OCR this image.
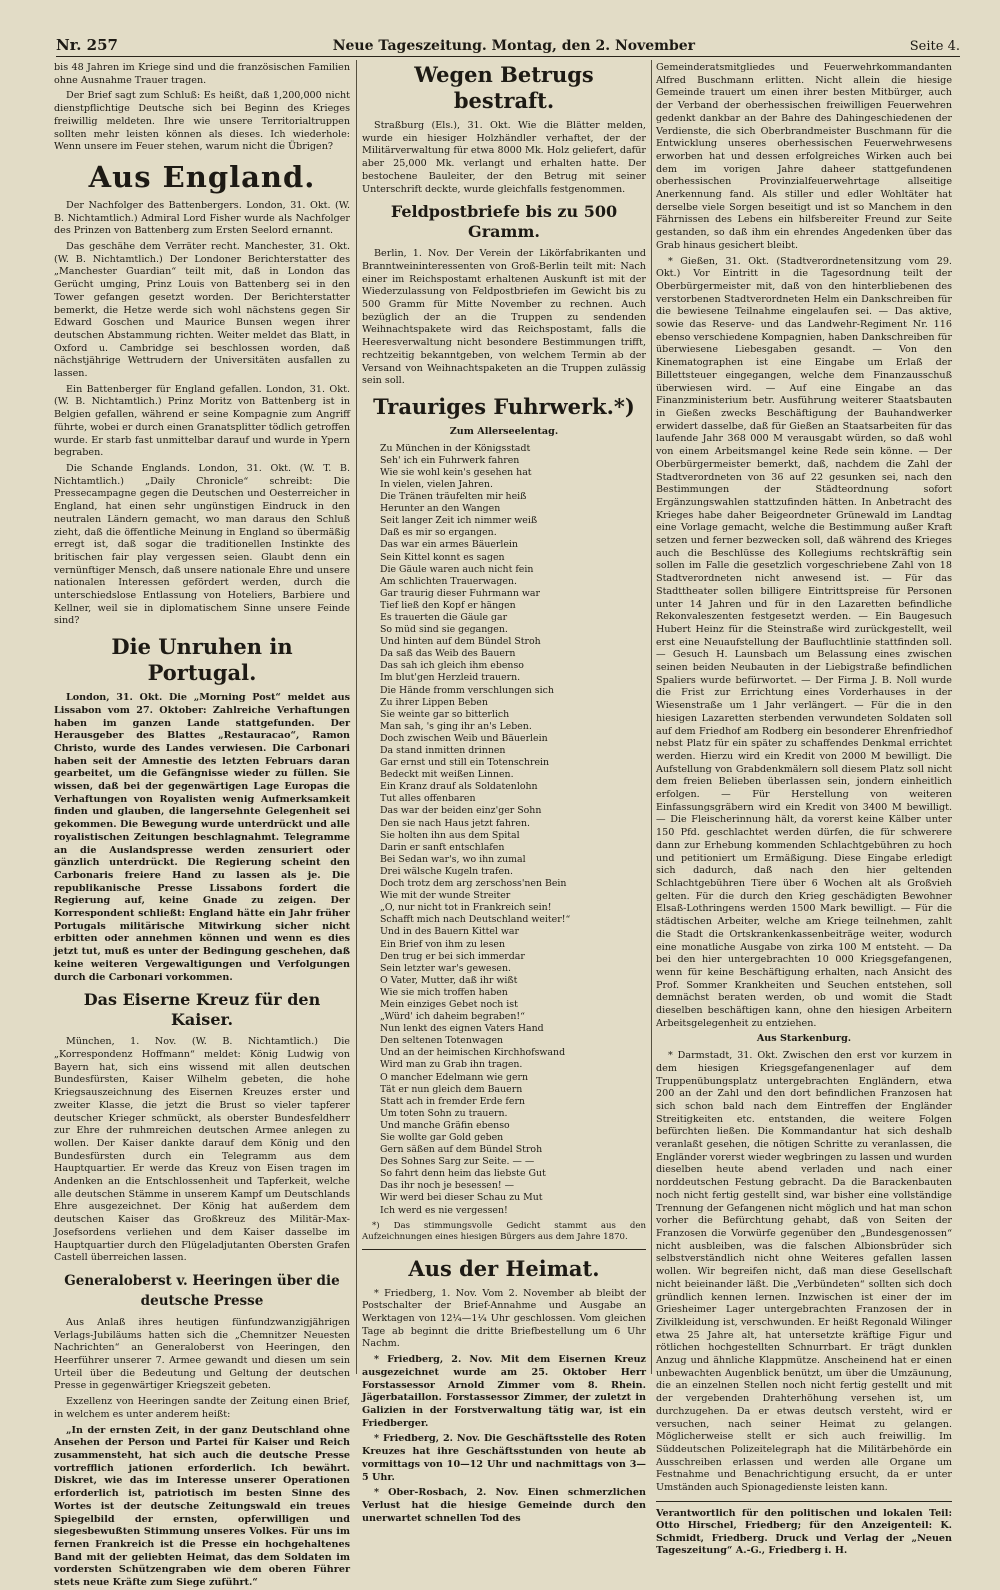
Nr. 257	Neue Tageszeitung. Montag, den 2. November	Seite 4.

bis 48 Jahren im Kriege sind und die französischen Familien ohne Ausnahme Trauer tragen.

Der Brief sagt zum Schluß: Es heißt, daß 1,200,000 nicht dienstpflichtige Deutsche sich bei Beginn des Krieges freiwillig meldeten. Ihre wie unsere Territorialtruppen sollten mehr leisten können als dieses. Ich wiederhole: Wenn unsere im Feuer stehen, warum nicht die Übrigen?

Aus England.

Der Nachfolger des Battenbergers. London, 31. Okt. (W. B. Nichtamtlich.) Admiral Lord Fisher wurde als Nachfolger des Prinzen von Battenberg zum Ersten Seelord ernannt.

Das geschähe dem Verräter recht. Manchester, 31. Okt. (W. B. Nichtamtlich.) Der Londoner Berichterstatter des „Manchester Guardian“ teilt mit, daß in London das Gerücht umging, Prinz Louis von Battenberg sei in den Tower gefangen gesetzt worden. Der Berichterstatter bemerkt, die Hetze werde sich wohl nächstens gegen Sir Edward Goschen und Maurice Bunsen wegen ihrer deutschen Abstammung richten. Weiter meldet das Blatt, in Oxford u. Cambridge sei beschlossen worden, daß nächstjährige Wettrudern der Universitäten ausfallen zu lassen.

Ein Battenberger für England gefallen. London, 31. Okt. (W. B. Nichtamtlich.) Prinz Moritz von Battenberg ist in Belgien gefallen, während er seine Kompagnie zum Angriff führte, wobei er durch einen Granatsplitter tödlich getroffen wurde. Er starb fast unmittelbar darauf und wurde in Ypern begraben.

Die Schande Englands. London, 31. Okt. (W. T. B. Nichtamtlich.) „Daily Chronicle“ schreibt: Die Pressecampagne gegen die Deutschen und Oesterreicher in England, hat einen sehr ungünstigen Eindruck in den neutralen Ländern gemacht, wo man daraus den Schluß zieht, daß die öffentliche Meinung in England so übermäßig erregt ist, daß sogar die traditionellen Instinkte des britischen fair play vergessen seien. Glaubt denn ein vernünftiger Mensch, daß unsere nationale Ehre und unsere nationalen Interessen gefördert werden, durch die unterschiedslose Entlassung von Hoteliers, Barbiere und Kellner, weil sie in diplomatischem Sinne unsere Feinde sind?

Die Unruhen in Portugal.

London, 31. Okt. Die „Morning Post“ meldet aus Lissabon vom 27. Oktober: Zahlreiche Verhaftungen haben im ganzen Lande stattgefunden. Der Herausgeber des Blattes „Restauracao“, Ramon Christo, wurde des Landes verwiesen. Die Carbonari haben seit der Amnestie des letzten Februars daran gearbeitet, um die Gefängnisse wieder zu füllen. Sie wissen, daß bei der gegenwärtigen Lage Europas die Verhaftungen von Royalisten wenig Aufmerksamkeit finden und glauben, die langersehnte Gelegenheit sei gekommen. Die Bewegung wurde unterdrückt und alle royalistischen Zeitungen beschlagnahmt. Telegramme an die Auslandspresse werden zensuriert oder gänzlich unterdrückt. Die Regierung scheint den Carbonaris freiere Hand zu lassen als je. Die republikanische Presse Lissabons fordert die Regierung auf, keine Gnade zu zeigen. Der Korrespondent schließt: England hätte ein Jahr früher Portugals militärische Mitwirkung sicher nicht erbitten oder annehmen können und wenn es dies jetzt tut, muß es unter der Bedingung geschehen, daß keine weiteren Vergewaltigungen und Verfolgungen durch die Carbonari vorkommen.

Das Eiserne Kreuz für den Kaiser.

München, 1. Nov. (W. B. Nichtamtlich.) Die „Korrespondenz Hoffmann“ meldet: König Ludwig von Bayern hat, sich eins wissend mit allen deutschen Bundesfürsten, Kaiser Wilhelm gebeten, die hohe Kriegsauszeichnung des Eisernen Kreuzes erster und zweiter Klasse, die jetzt die Brust so vieler tapferer deutscher Krieger schmückt, als oberster Bundesfeldherr zur Ehre der ruhmreichen deutschen Armee anlegen zu wollen. Der Kaiser dankte darauf dem König und den Bundesfürsten durch ein Telegramm aus dem Hauptquartier. Er werde das Kreuz von Eisen tragen im Andenken an die Entschlossenheit und Tapferkeit, welche alle deutschen Stämme in unserem Kampf um Deutschlands Ehre ausgezeichnet. Der König hat außerdem dem deutschen Kaiser das Großkreuz des Militär-Max-Josefsordens verliehen und dem Kaiser dasselbe im Hauptquartier durch den Flügeladjutanten Obersten Grafen Castell überreichen lassen.

Generaloberst v. Heeringen über die deutsche Presse

Aus Anlaß ihres heutigen fünfundzwanzigjährigen Verlags-Jubiläums hatten sich die „Chemnitzer Neuesten Nachrichten“ an Generaloberst von Heeringen, den Heerführer unserer 7. Armee gewandt und diesen um sein Urteil über die Bedeutung und Geltung der deutschen Presse in gegenwärtiger Kriegszeit gebeten.

Exzellenz von Heeringen sandte der Zeitung einen Brief, in welchem es unter anderem heißt:

„In der ernsten Zeit, in der ganz Deutschland ohne Ansehen der Person und Partei für Kaiser und Reich zusammensteht, hat sich auch die deutsche Presse vortrefflich jationen erforderlich. Ich bewährt. Diskret, wie das im Interesse unserer Operationen erforderlich ist, patriotisch im besten Sinne des Wortes ist der deutsche Zeitungswald ein treues Spiegelbild der ernsten, opferwilligen und siegesbewußten Stimmung unseres Volkes. Für uns im fernen Frankreich ist die Presse ein hochgehaltenes Band mit der geliebten Heimat, das dem Soldaten im vordersten Schützengraben wie dem oberen Führer stets neue Kräfte zum Siege zuführt.“

Wegen Betrugs bestraft.

Straßburg (Els.), 31. Okt. Wie die Blätter melden, wurde ein hiesiger Holzhändler verhaftet, der der Militärverwaltung für etwa 8000 Mk. Holz geliefert, dafür aber 25,000 Mk. verlangt und erhalten hatte. Der bestochene Bauleiter, der den Betrug mit seiner Unterschrift deckte, wurde gleichfalls festgenommen.

Feldpostbriefe bis zu 500 Gramm.

Berlin, 1. Nov. Der Verein der Likörfabrikanten und Branntweininteressenten von Groß-Berlin teilt mit: Nach einer im Reichspostamt erhaltenen Auskunft ist mit der Wiederzulassung von Feldpostbriefen im Gewicht bis zu 500 Gramm für Mitte November zu rechnen. Auch bezüglich der an die Truppen zu sendenden Weihnachtspakete wird das Reichspostamt, falls die Heeresverwaltung nicht besondere Bestimmungen trifft, rechtzeitig bekanntgeben, von welchem Termin ab der Versand von Weihnachtspaketen an die Truppen zulässig sein soll.

Trauriges Fuhrwerk.*)
Zum Allerseelentag.
Zu München in der Königsstadt
Seh' ich ein Fuhrwerk fahren
Wie sie wohl kein's gesehen hat
In vielen, vielen Jahren.
Die Tränen träufelten mir heiß
Herunter an den Wangen
Seit langer Zeit ich nimmer weiß
Daß es mir so ergangen.
Das war ein armes Bäuerlein
Sein Kittel konnt es sagen
Die Gäule waren auch nicht fein
Am schlichten Trauerwagen.
Gar traurig dieser Fuhrmann war
Tief ließ den Kopf er hängen
Es trauerten die Gäule gar
So müd sind sie gegangen.
Und hinten auf dem Bündel Stroh
Da saß das Weib des Bauern
Das sah ich gleich ihm ebenso
Im blut'gen Herzleid trauern.
Die Hände fromm verschlungen sich
Zu ihrer Lippen Beben
Sie weinte gar so bitterlich
Man sah, 's ging ihr an's Leben.
Doch zwischen Weib und Bäuerlein
Da stand inmitten drinnen
Gar ernst und still ein Totenschrein
Bedeckt mit weißen Linnen.
Ein Kranz drauf als Soldatenlohn
Tut alles offenbaren
Das war der beiden einz'ger Sohn
Den sie nach Haus jetzt fahren.
Sie holten ihn aus dem Spital
Darin er sanft entschlafen
Bei Sedan war's, wo ihn zumal
Drei wälsche Kugeln trafen.
Doch trotz dem arg zerschoss'nen Bein
Wie mit der wunde Streiter
„O, nur nicht tot in Frankreich sein!
Schafft mich nach Deutschland weiter!“
Und in des Bauern Kittel war
Ein Brief von ihm zu lesen
Den trug er bei sich immerdar
Sein letzter war's gewesen.
O Vater, Mutter, daß ihr wißt
Wie sie mich troffen haben
Mein einziges Gebet noch ist
„Würd' ich daheim begraben!“
Nun lenkt des eignen Vaters Hand
Den seltenen Totenwagen
Und an der heimischen Kirchhofswand
Wird man zu Grab ihn tragen.
O mancher Edelmann wie gern
Tät er nun gleich dem Bauern
Statt ach in fremder Erde fern
Um toten Sohn zu trauern.
Und manche Gräfin ebenso
Sie wollte gar Gold geben
Gern säßen auf dem Bündel Stroh
Des Sohnes Sarg zur Seite. — —
So fahrt denn heim das liebste Gut
Das ihr noch je besessen! —
Wir werd bei dieser Schau zu Mut
Ich werd es nie vergessen!
*) Das stimmungsvolle Gedicht stammt aus den Aufzeichnungen eines hiesigen Bürgers aus dem Jahre 1870.
Aus der Heimat.

* Friedberg, 1. Nov. Vom 2. November ab bleibt der Postschalter der Brief-Annahme und Ausgabe an Werktagen von 12¼—1¼ Uhr geschlossen. Vom gleichen Tage ab beginnt die dritte Briefbestellung um 6 Uhr Nachm.

* Friedberg, 2. Nov. Mit dem Eisernen Kreuz ausgezeichnet wurde am 25. Oktober Herr Forstassessor Arnold Zimmer vom 8. Rhein. Jägerbataillon. Forstassessor Zimmer, der zuletzt in Galizien in der Forstverwaltung tätig war, ist ein Friedberger.

* Friedberg, 2. Nov. Die Geschäftsstelle des Roten Kreuzes hat ihre Geschäftsstunden von heute ab vormittags von 10—12 Uhr und nachmittags von 3—5 Uhr.

* Ober-Rosbach, 2. Nov. Einen schmerzlichen Verlust hat die hiesige Gemeinde durch den unerwartet schnellen Tod des

Gemeinderatsmitgliedes und Feuerwehrkommandanten Alfred Buschmann erlitten. Nicht allein die hiesige Gemeinde trauert um einen ihrer besten Mitbürger, auch der Verband der oberhessischen freiwilligen Feuerwehren gedenkt dankbar an der Bahre des Dahingeschiedenen der Verdienste, die sich Oberbrandmeister Buschmann für die Entwicklung unseres oberhessischen Feuerwehrwesens erworben hat und dessen erfolgreiches Wirken auch bei dem im vorigen Jahre daheer stattgefundenen oberhessischen Provinzialfeuerwehrtage allseitige Anerkennung fand. Als stiller und edler Wohltäter hat derselbe viele Sorgen beseitigt und ist so Manchem in den Fährnissen des Lebens ein hilfsbereiter Freund zur Seite gestanden, so daß ihm ein ehrendes Angedenken über das Grab hinaus gesichert bleibt.

* Gießen, 31. Okt. (Stadtverordnetensitzung vom 29. Okt.) Vor Eintritt in die Tagesordnung teilt der Oberbürgermeister mit, daß von den hinterbliebenen des verstorbenen Stadtverordneten Helm ein Dankschreiben für die bewiesene Teilnahme eingelaufen sei. — Das aktive, sowie das Reserve- und das Landwehr-Regiment Nr. 116 ebenso verschiedene Kompagnien, haben Dankschreiben für überwiesene Liebesgaben gesandt. — Von den Kinematographen ist eine Eingabe um Erlaß der Billettsteuer eingegangen, welche dem Finanzausschuß überwiesen wird. — Auf eine Eingabe an das Finanzministerium betr. Ausführung weiterer Staatsbauten in Gießen zwecks Beschäftigung der Bauhandwerker erwidert dasselbe, daß für Gießen an Staatsarbeiten für das laufende Jahr 368 000 M verausgabt würden, so daß wohl von einem Arbeitsmangel keine Rede sein könne. — Der Oberbürgermeister bemerkt, daß, nachdem die Zahl der Stadtverordneten von 36 auf 22 gesunken sei, nach den Bestimmungen der Städteordnung sofort Ergänzungswahlen stattzufinden hätten. In Anbetracht des Krieges habe daher Beigeordneter Grünewald im Landtag eine Vorlage gemacht, welche die Bestimmung außer Kraft setzen und ferner bezwecken soll, daß während des Krieges auch die Beschlüsse des Kollegiums rechtskräftig sein sollen im Falle die gesetzlich vorgeschriebene Zahl von 18 Stadtverordneten nicht anwesend ist. — Für das Stadttheater sollen billigere Eintrittspreise für Personen unter 14 Jahren und für in den Lazaretten befindliche Rekonvaleszenten festgesetzt werden. — Ein Baugesuch Hubert Heinz für die Steinstraße wird zurückgestellt, weil erst eine Neuaufstellung der Baufluchtlinie stattfinden soll. — Gesuch H. Launsbach um Belassung eines zwischen seinen beiden Neubauten in der Liebigstraße befindlichen Spaliers wurde befürwortet. — Der Firma J. B. Noll wurde die Frist zur Errichtung eines Vorderhauses in der Wiesenstraße um 1 Jahr verlängert. — Für die in den hiesigen Lazaretten sterbenden verwundeten Soldaten soll auf dem Friedhof am Rodberg ein besonderer Ehrenfriedhof nebst Platz für ein später zu schaffendes Denkmal errichtet werden. Hierzu wird ein Kredit von 2000 M bewilligt. Die Aufstellung von Grabdenkmälern soll diesem Platz soll nicht dem freien Belieben überlassen sein, jondern einheitlich erfolgen. — Für Herstellung von weiteren Einfassungsgräbern wird ein Kredit von 3400 M bewilligt. — Die Fleischerinnung hält, da vorerst keine Kälber unter 150 Pfd. geschlachtet werden dürfen, die für schwerere dann zur Erhebung kommenden Schlachtgebühren zu hoch und petitioniert um Ermäßigung. Diese Eingabe erledigt sich dadurch, daß nach den hier geltenden Schlachtgebühren Tiere über 6 Wochen alt als Großvieh gelten. Für die durch den Krieg geschädigten Bewohner Elsaß-Lothringens werden 1500 Mark bewilligt. — Für die städtischen Arbeiter, welche am Kriege teilnehmen, zahlt die Stadt die Ortskrankenkassenbeiträge weiter, wodurch eine monatliche Ausgabe von zirka 100 M entsteht. — Da bei den hier untergebrachten 10 000 Kriegsgefangenen, wenn für keine Beschäftigung erhalten, nach Ansicht des Prof. Sommer Krankheiten und Seuchen entstehen, soll demnächst beraten werden, ob und womit die Stadt dieselben beschäftigen kann, ohne den hiesigen Arbeitern Arbeitsgelegenheit zu entziehen.

Aus Starkenburg.

* Darmstadt, 31. Okt. Zwischen den erst vor kurzem in dem hiesigen Kriegsgefangenenlager auf dem Truppenübungsplatz untergebrachten Engländern, etwa 200 an der Zahl und den dort befindlichen Franzosen hat sich schon bald nach dem Eintreffen der Engländer Streitigkeiten etc. entstanden, die weitere Folgen befürchten ließen. Die Kommandantur hat sich deshalb veranlaßt gesehen, die nötigen Schritte zu veranlassen, die Engländer vorerst wieder wegbringen zu lassen und wurden dieselben heute abend verladen und nach einer norddeutschen Festung gebracht. Da die Barackenbauten noch nicht fertig gestellt sind, war bisher eine vollständige Trennung der Gefangenen nicht möglich und hat man schon vorher die Befürchtung gehabt, daß von Seiten der Franzosen die Vorwürfe gegenüber den „Bundesgenossen“ nicht ausbleiben, was die falschen Albionsbrüder sich selbstverständlich nicht ohne Weiteres gefallen lassen wollen. Wir begreifen nicht, daß man diese Gesellschaft nicht beieinander läßt. Die „Verbündeten“ sollten sich doch gründlich kennen lernen. Inzwischen ist einer der im Griesheimer Lager untergebrachten Franzosen der in Zivilkleidung ist, verschwunden. Er heißt Regonald Wilinger etwa 25 Jahre alt, hat untersetzte kräftige Figur und rötlichen hochgestellten Schnurrbart. Er trägt dunklen Anzug und ähnliche Klappmütze. Anscheinend hat er einen unbewachten Augenblick benützt, um über die Umzäunung, die an einzelnen Stellen noch nicht fertig gestellt und mit der vergebenden Drahterhöhung versehen ist, um durchzugehen. Da er etwas deutsch versteht, wird er versuchen, nach seiner Heimat zu gelangen. Möglicherweise stellt er sich auch freiwillig. Im Süddeutschen Polizeitelegraph hat die Militärbehörde ein Ausschreiben erlassen und werden alle Organe um Festnahme und Benachrichtigung ersucht, da er unter Umständen auch Spionagedienste leisten kann.

Verantwortlich für den politischen und lokalen Teil: Otto Hirschel, Friedberg; für den Anzeigenteil: K. Schmidt, Friedberg. Druck und Verlag der „Neuen Tageszeitung“ A.-G., Friedberg i. H.
